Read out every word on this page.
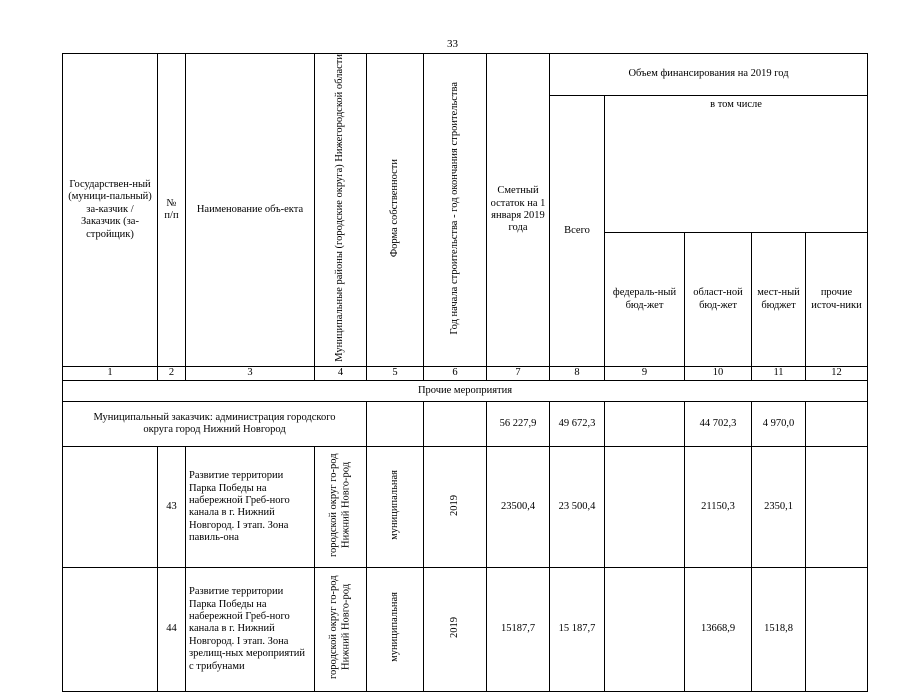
33
Государствен-ный (муници-пальный) за-казчик / Заказчик (за-стройщик)	№ п/п	Наименование объ-екта	Муниципальные районы (городские округа) Нижегородской области	Форма собственности	Год начала строительства - год окончания строительства	Сметный остаток на 1 января 2019 года	Объем финансирования на 2019 год				
							Всего	в том числе			
								федераль-ный бюд-жет	област-ной бюд-жет	мест-ный бюджет	прочие источ-ники
1	2	3	4	5	6	7	8	9	10	11	12
Прочие мероприятия											
Муниципальный заказчик: администрация городского округа город Нижний Новгород						56 227,9	49 672,3		44 702,3	4 970,0	
	43	Развитие территории Парка Победы на набережной Греб-ного канала в г. Нижний Новгород. I этап. Зона павиль-она	городской округ го-род Нижний Новго-род	муниципальная	2019	23500,4	23 500,4		21150,3	2350,1	
	44	Развитие территории Парка Победы на набережной Греб-ного канала в г. Нижний Новгород. I этап. Зона зрелищ-ных мероприятий с трибунами	городской округ го-род Нижний Новго-род	муниципальная	2019	15187,7	15 187,7		13668,9	1518,8	
